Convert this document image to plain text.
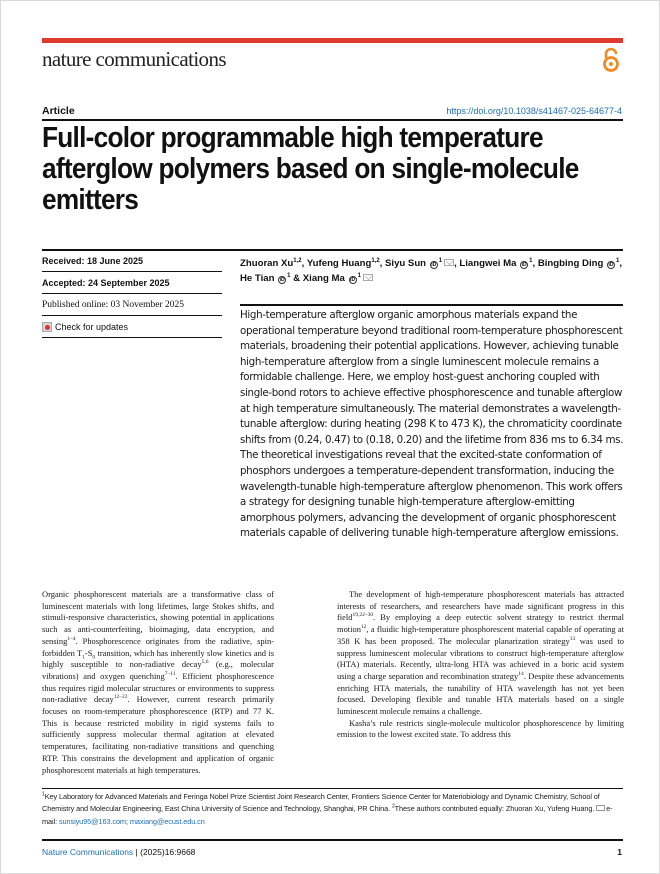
nature communications
Article	https://doi.org/10.1038/s41467-025-64677-4
Full-color programmable high temperature afterglow polymers based on single-molecule emitters
Received: 18 June 2025
Accepted: 24 September 2025
Published online: 03 November 2025
Check for updates
Zhuoran Xu$^{1,2}$, Yufeng Huang$^{1,2}$, Siyu Sun $iD^1$ , Liangwei Ma $iD^1$, Bingbing Ding $iD^1$,
He Tian $iD^1$ & Xiang Ma $iD^1$

High-temperature afterglow organic amorphous materials expand the operational temperature beyond traditional room-temperature phosphorescent materials, broadening their potential applications. However, achieving tunable high-temperature afterglow from a single luminescent molecule remains a formidable challenge. Here, we employ host-guest anchoring coupled with single-bond rotors to achieve effective phosphorescence and tunable afterglow at high temperature simultaneously. The material demonstrates a wavelength-tunable afterglow: during heating (298 K to 473 K), the chromaticity coordinate shifts from (0.24, 0.47) to (0.18, 0.20) and the lifetime from 836 ms to 6.34 ms. The theoretical investigations reveal that the excited-state conformation of phosphors undergoes a temperature-dependent transformation, inducing the wavelength-tunable high-temperature afterglow phenomenon. This work offers a strategy for designing tunable high-temperature afterglow-emitting amorphous polymers, advancing the development of organic phosphorescent materials capable of delivering tunable high-temperature afterglow emissions.

Organic phosphorescent materials are a transformative class of luminescent materials with long lifetimes, large Stokes shifts, and stimuli-responsive characteristics, showing potential in applications such as anti-counterfeiting, bioimaging, data encryption, and sensing$^{1-4}$. Phosphorescence originates from the radiative, spin-forbidden $T_1-S_0$ transition, which has inherently slow kinetics and is highly susceptible to non-radiative decay$^{5,6}$ (e.g., molecular vibrations) and oxygen quenching$^{7-11}$. Efficient phosphorescence thus requires rigid molecular structures or environments to suppress non-radiative decay$^{12-22}$. However, current research primarily focuses on room-temperature phosphorescence (RTP) and 77 K. This is because restricted mobility in rigid systems fails to sufficiently suppress molecular thermal agitation at elevated temperatures, facilitating non-radiative transitions and quenching RTP. This constrains the development and application of organic phosphorescent materials at high temperatures.

The development of high-temperature phosphorescent materials has attracted interests of researchers, and researchers have made significant progress in this field$^{19,22-30}$. By employing a deep eutectic solvent strategy to restrict thermal motion$^{12}$, a fluidic high-temperature phosphorescent material capable of operating at 358 K has been proposed. The molecular planarization strategy$^{13}$ was used to suppress luminescent molecular vibrations to construct high-temperature afterglow (HTA) materials. Recently, ultra-long HTA was achieved in a boric acid system using a charge separation and recombination strategy$^{14}$. Despite these advancements enriching HTA materials, the tunability of HTA wavelength has not yet been focused. Developing flexible and tunable HTA materials based on a single luminescent molecule remains a challenge.

Kasha’s rule restricts single-molecule multicolor phosphorescence by limiting emission to the lowest excited state. To address this

$^1$Key Laboratory for Advanced Materials and Feringa Nobel Prize Scientist Joint Research Center, Frontiers Science Center for Materiobiology and Dynamic Chemistry, School of Chemistry and Molecular Engineering, East China University of Science and Technology, Shanghai, PR China. $^2$These authors contributed equally: Zhuoran Xu, Yufeng Huang. e-mail: sunsiyu95@163.com; maxiang@ecust.edu.cn
Nature Communications | (2025)16:9668	1
